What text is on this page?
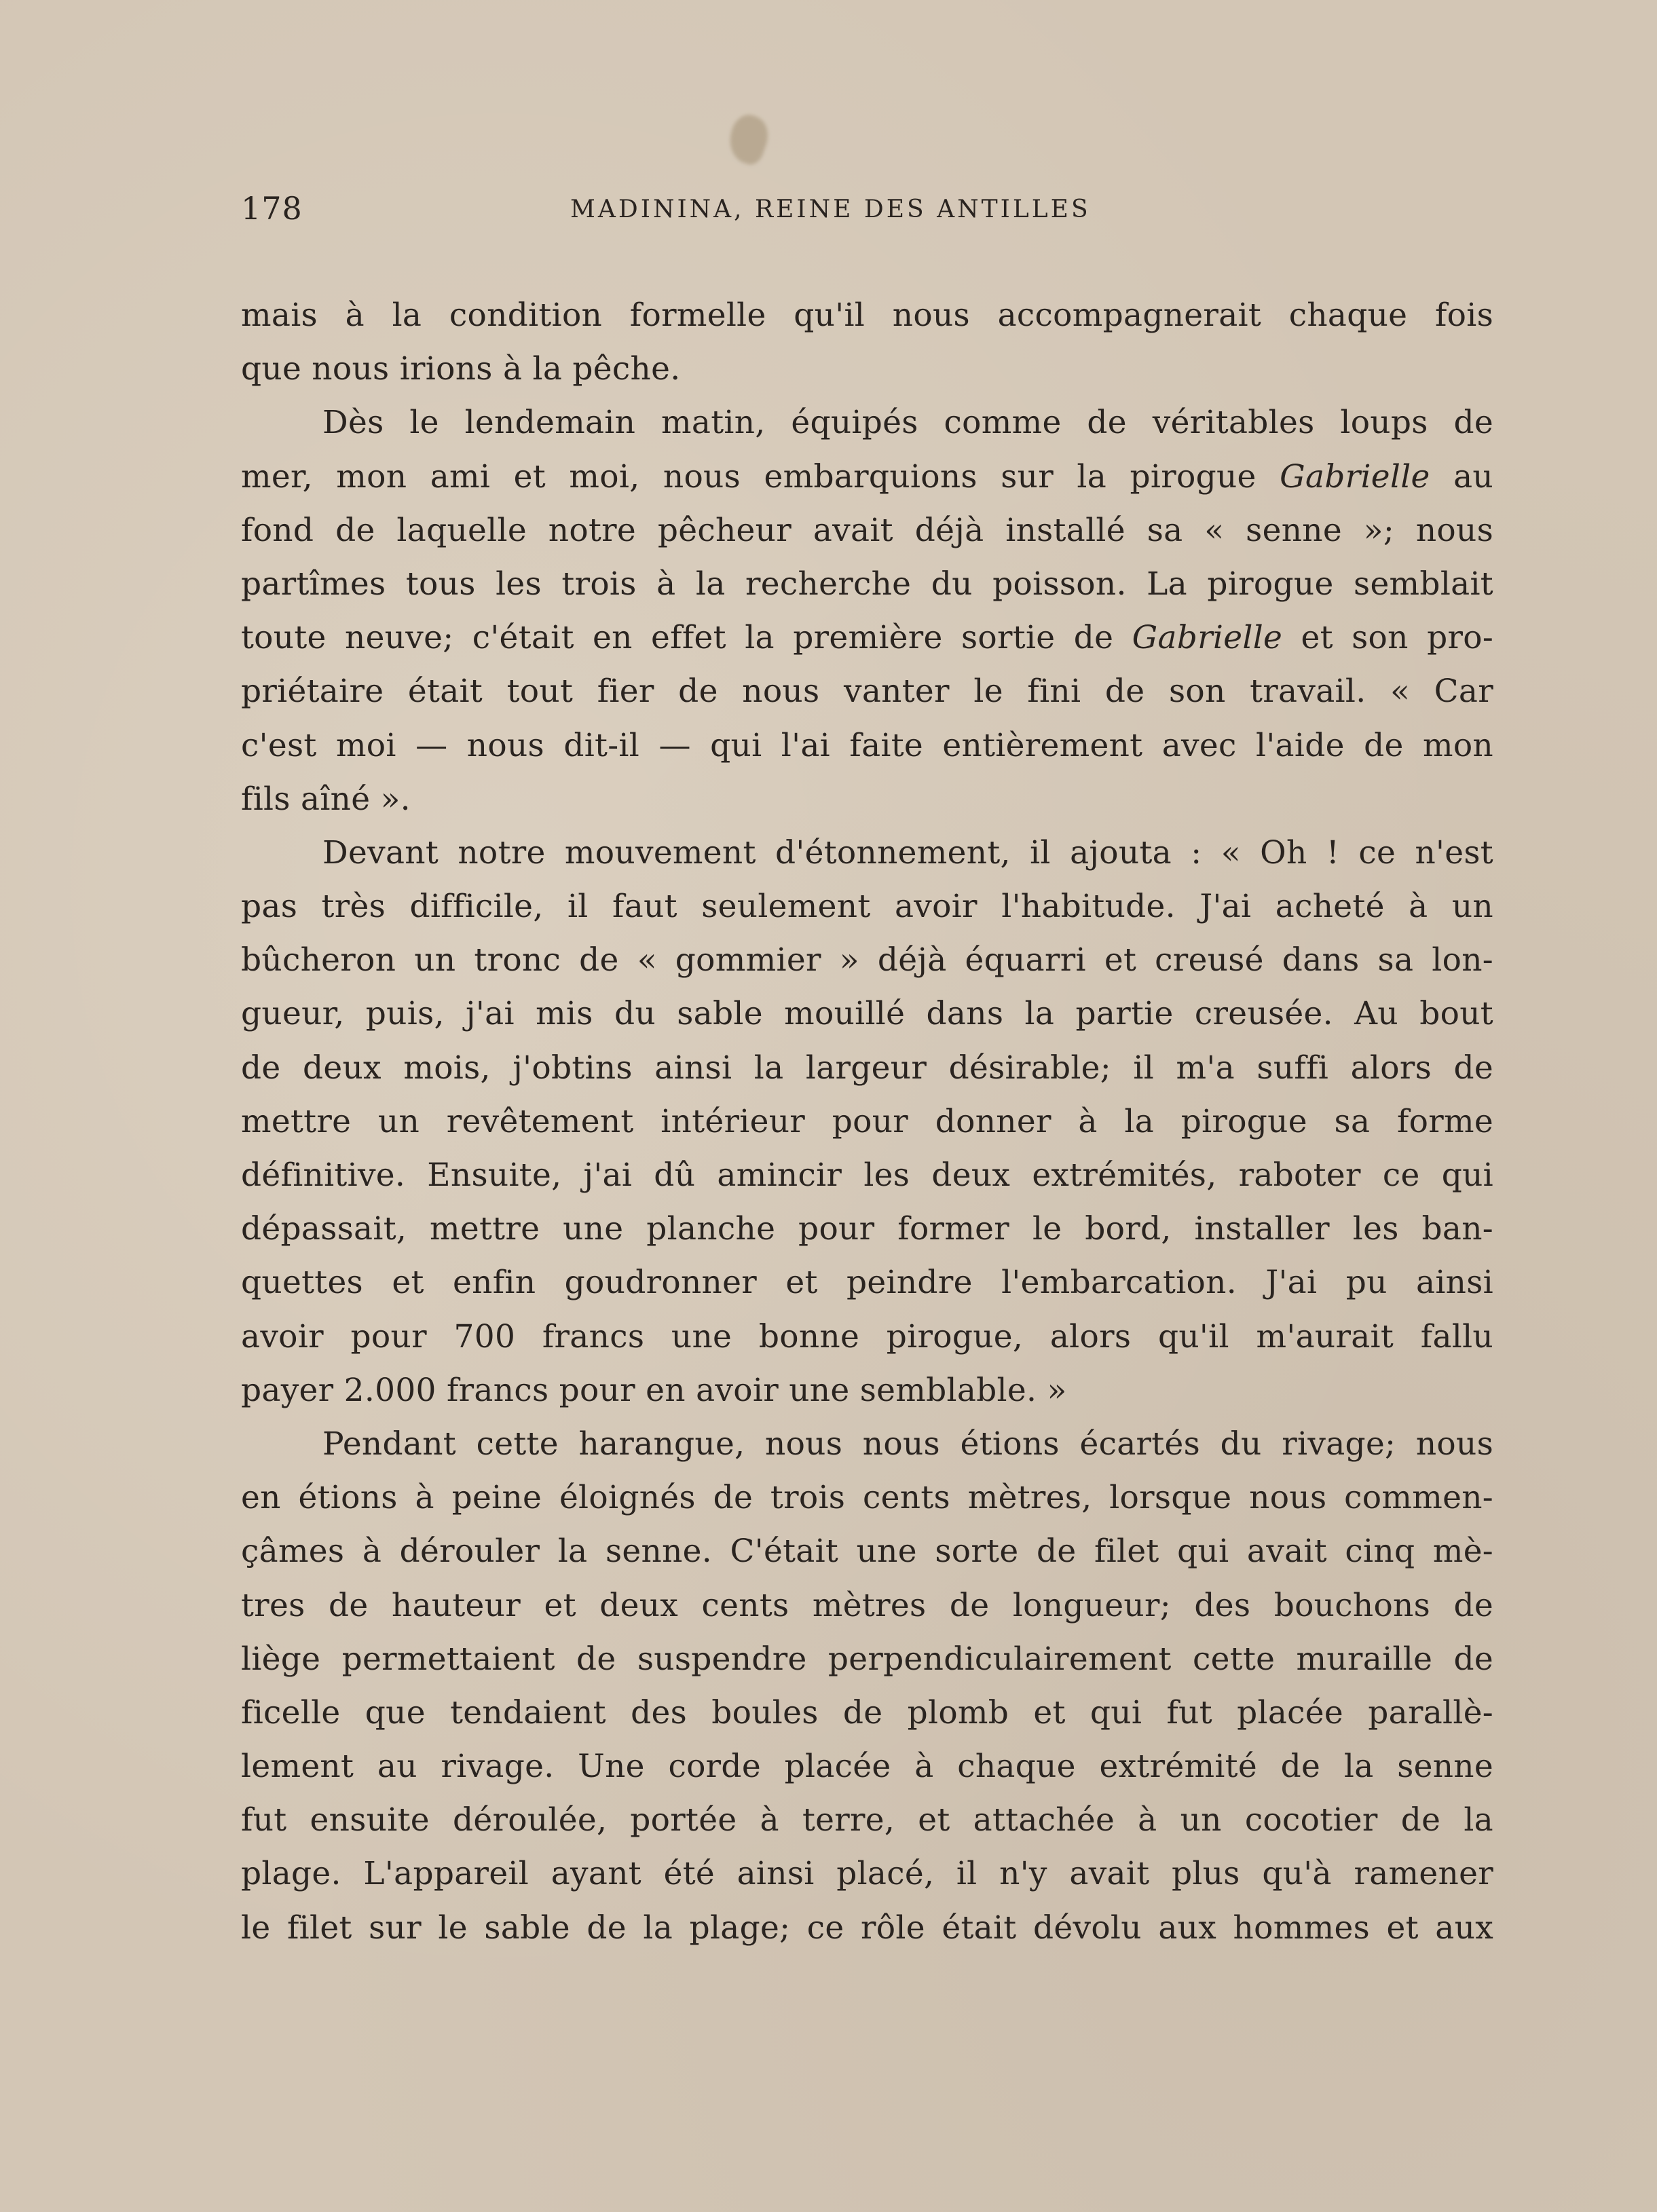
178	MADININA, REINE DES ANTILLES
mais à la condition formelle qu'il nous accompagnerait chaque fois
que nous irions à la pêche.
Dès le lendemain matin, équipés comme de véritables loups de
mer, mon ami et moi, nous embarquions sur la pirogue Gabrielle au
fond de laquelle notre pêcheur avait déjà installé sa « senne »; nous
partîmes tous les trois à la recherche du poisson. La pirogue semblait
toute neuve; c'était en effet la première sortie de Gabrielle et son pro-
priétaire était tout fier de nous vanter le fini de son travail. « Car
c'est moi — nous dit-il — qui l'ai faite entièrement avec l'aide de mon
fils aîné ».
Devant notre mouvement d'étonnement, il ajouta : « Oh ! ce n'est
pas très difficile, il faut seulement avoir l'habitude. J'ai acheté à un
bûcheron un tronc de « gommier » déjà équarri et creusé dans sa lon-
gueur, puis, j'ai mis du sable mouillé dans la partie creusée. Au bout
de deux mois, j'obtins ainsi la largeur désirable; il m'a suffi alors de
mettre un revêtement intérieur pour donner à la pirogue sa forme
définitive. Ensuite, j'ai dû amincir les deux extrémités, raboter ce qui
dépassait, mettre une planche pour former le bord, installer les ban-
quettes et enfin goudronner et peindre l'embarcation. J'ai pu ainsi
avoir pour 700 francs une bonne pirogue, alors qu'il m'aurait fallu
payer 2.000 francs pour en avoir une semblable. »
Pendant cette harangue, nous nous étions écartés du rivage; nous
en étions à peine éloignés de trois cents mètres, lorsque nous commen-
çâmes à dérouler la senne. C'était une sorte de filet qui avait cinq mè-
tres de hauteur et deux cents mètres de longueur; des bouchons de
liège permettaient de suspendre perpendiculairement cette muraille de
ficelle que tendaient des boules de plomb et qui fut placée parallè-
lement au rivage. Une corde placée à chaque extrémité de la senne
fut ensuite déroulée, portée à terre, et attachée à un cocotier de la
plage. L'appareil ayant été ainsi placé, il n'y avait plus qu'à ramener
le filet sur le sable de la plage; ce rôle était dévolu aux hommes et aux
